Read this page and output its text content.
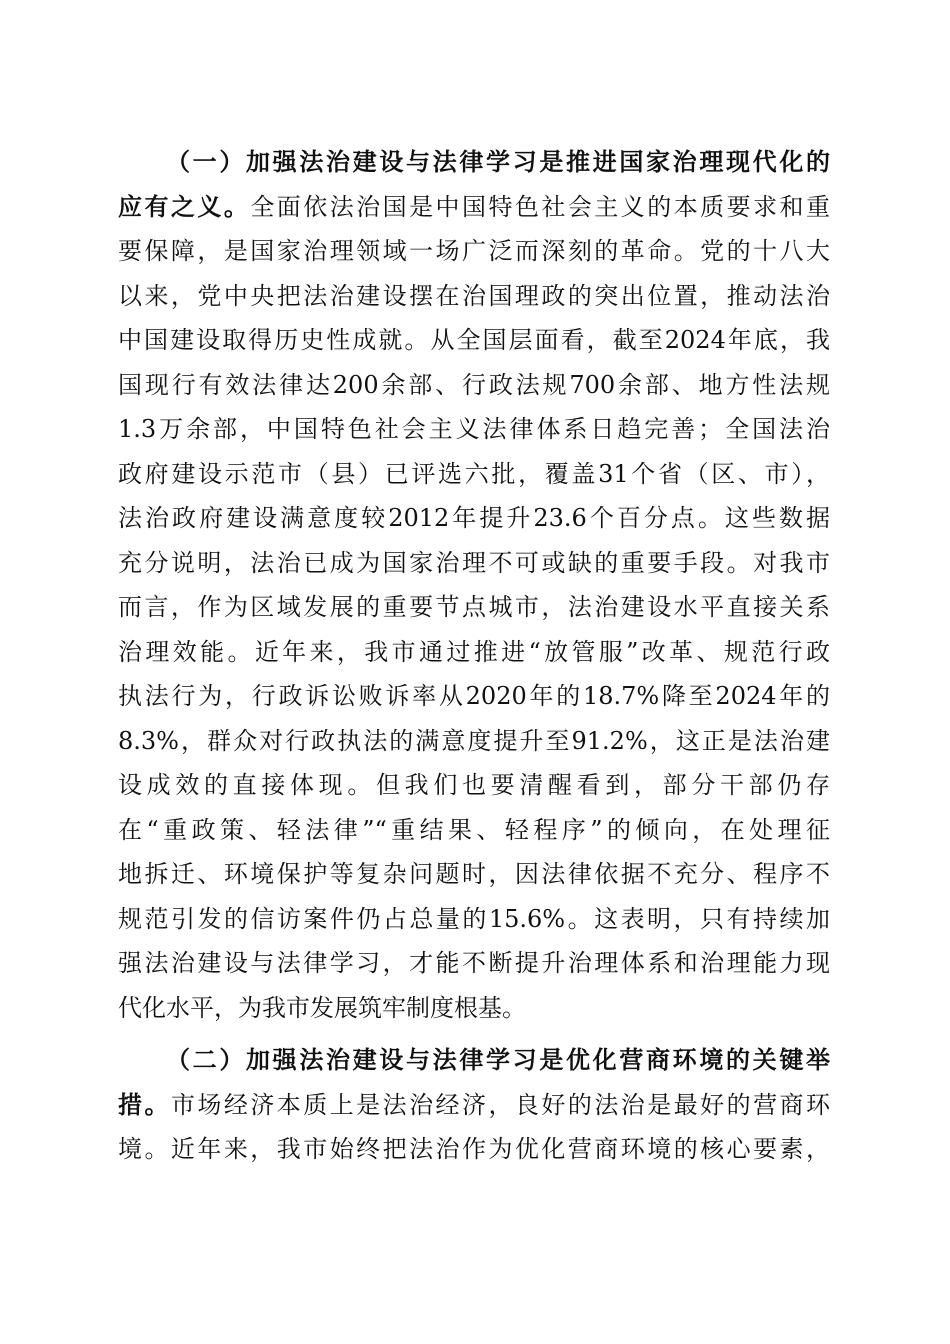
（一）加强法治建设与法律学习是推进国家治理现代化的
应有之义。全面依法治国是中国特色社会主义的本质要求和重
要保障，是国家治理领域一场广泛而深刻的革命。党的十八大
以来，党中央把法治建设摆在治国理政的突出位置，推动法治
中国建设取得历史性成就。从全国层面看，截至2024年底，我
国现行有效法律达200余部、行政法规700余部、地方性法规
1.3万余部，中国特色社会主义法律体系日趋完善；全国法治
政府建设示范市（县）已评选六批，覆盖31个省（区、市），
法治政府建设满意度较2012年提升23.6个百分点。这些数据
充分说明，法治已成为国家治理不可或缺的重要手段。对我市
而言，作为区域发展的重要节点城市，法治建设水平直接关系
治理效能。近年来，我市通过推进“放管服”改革、规范行政
执法行为，行政诉讼败诉率从2020年的18.7%降至2024年的
8.3%，群众对行政执法的满意度提升至91.2%，这正是法治建
设成效的直接体现。但我们也要清醒看到，部分干部仍存
在“重政策、轻法律”“重结果、轻程序”的倾向，在处理征
地拆迁、环境保护等复杂问题时，因法律依据不充分、程序不
规范引发的信访案件仍占总量的15.6%。这表明，只有持续加
强法治建设与法律学习，才能不断提升治理体系和治理能力现
代化水平，为我市发展筑牢制度根基。
（二）加强法治建设与法律学习是优化营商环境的关键举
措。市场经济本质上是法治经济，良好的法治是最好的营商环
境。近年来，我市始终把法治作为优化营商环境的核心要素，
